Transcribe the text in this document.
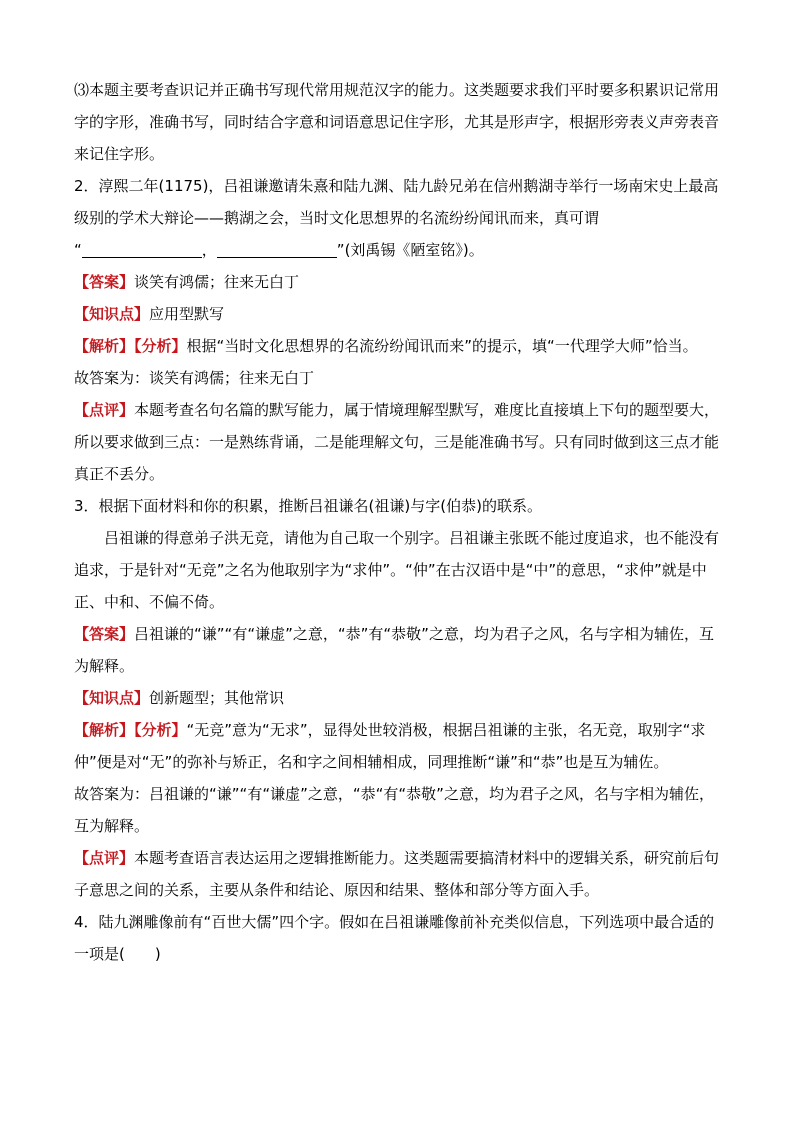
⑶本题主要考查识记并正确书写现代常用规范汉字的能力。这类题要求我们平时要多积累识记常用字的字形，准确书写，同时结合字意和词语意思记住字形，尤其是形声字，根据形旁表义声旁表音来记住字形。

2．淳熙二年(1175)，吕祖谦邀请朱熹和陆九渊、陆九龄兄弟在信州鹅湖寺举行一场南宋史上最高级别的学术大辩论——鹅湖之会，当时文化思想界的名流纷纷闻讯而来，真可谓

“	，	”(刘禹锡《陋室铭》)。

【答案】谈笑有鸿儒；往来无白丁

【知识点】应用型默写

【解析】【分析】根据“当时文化思想界的名流纷纷闻讯而来”的提示，填“一代理学大师”恰当。

故答案为：谈笑有鸿儒；往来无白丁

【点评】本题考查名句名篇的默写能力，属于情境理解型默写，难度比直接填上下句的题型要大，所以要求做到三点：一是熟练背诵，二是能理解文句，三是能准确书写。只有同时做到这三点才能真正不丢分。

3．根据下面材料和你的积累，推断吕祖谦名(祖谦)与字(伯恭)的联系。

吕祖谦的得意弟子洪无竞，请他为自己取一个别字。吕祖谦主张既不能过度追求，也不能没有追求，于是针对“无竞”之名为他取别字为“求仲”。“仲”在古汉语中是“中”的意思，“求仲”就是中正、中和、不偏不倚。

【答案】吕祖谦的“谦”“有“谦虚”之意，“恭”有“恭敬”之意，均为君子之风，名与字相为辅佐，互为解释。

【知识点】创新题型；其他常识

【解析】【分析】“无竞”意为“无求”，显得处世较消极，根据吕祖谦的主张，名无竞，取别字“求仲”便是对“无”的弥补与矫正，名和字之间相辅相成，同理推断“谦”和“恭”也是互为辅佐。

故答案为：吕祖谦的“谦”“有“谦虚”之意，“恭“有“恭敬”之意，均为君子之风，名与字相为辅佐，互为解释。

【点评】本题考查语言表达运用之逻辑推断能力。这类题需要搞清材料中的逻辑关系，研究前后句子意思之间的关系，主要从条件和结论、原因和结果、整体和部分等方面入手。

4．陆九渊雕像前有“百世大儒”四个字。假如在吕祖谦雕像前补充类似信息，下列选项中最合适的一项是( )
